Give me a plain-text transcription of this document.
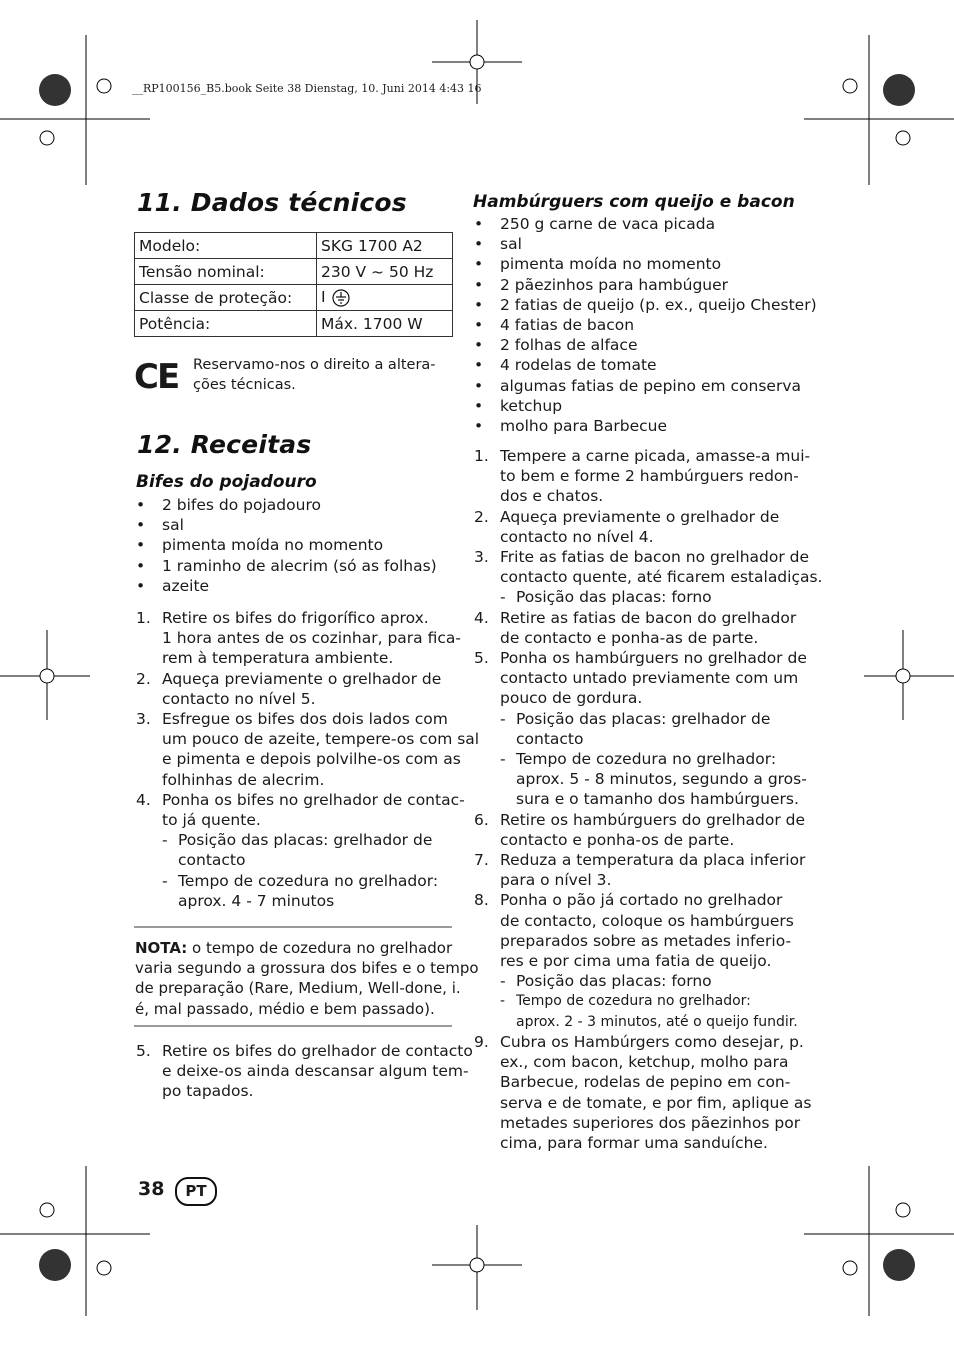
__RP100156_B5.book Seite 38 Dienstag, 10. Juni 2014 4:43 16
11. Dados técnicos
Modelo:	SKG 1700 A2
Tensão nominal:	230 V ~ 50 Hz
Classe de proteção:	I
Potência:	Máx. 1700 W
CE	Reservamo-nos o direito a altera-
ções técnicas.
12. Receitas
Bifes do pojadouro
• 2 bifes do pojadouro
• sal
• pimenta moída no momento
• 1 raminho de alecrim (só as folhas)
• azeite
1. Retire os bifes do frigorífico aprox.
1 hora antes de os cozinhar, para fica-
rem à temperatura ambiente.
2. Aqueça previamente o grelhador de
contacto no nível 5.
3. Esfregue os bifes dos dois lados com
um pouco de azeite, tempere-os com sal
e pimenta e depois polvilhe-os com as
folhinhas de alecrim.
4. Ponha os bifes no grelhador de contac-
to já quente.
- Posição das placas: grelhador de
contacto
- Tempo de cozedura no grelhador:
aprox. 4 - 7 minutos
NOTA: o tempo de cozedura no grelhador
varia segundo a grossura dos bifes e o tempo
de preparação (Rare, Medium, Well-done, i.
é, mal passado, médio e bem passado).
5. Retire os bifes do grelhador de contacto
e deixe-os ainda descansar algum tem-
po tapados.
Hambúrguers com queijo e bacon
• 250 g carne de vaca picada
• sal
• pimenta moída no momento
• 2 pãezinhos para hambúguer
• 2 fatias de queijo (p. ex., queijo Chester)
• 4 fatias de bacon
• 2 folhas de alface
• 4 rodelas de tomate
• algumas fatias de pepino em conserva
• ketchup
• molho para Barbecue
1. Tempere a carne picada, amasse-a mui-
to bem e forme 2 hambúrguers redon-
dos e chatos.
2. Aqueça previamente o grelhador de
contacto no nível 4.
3. Frite as fatias de bacon no grelhador de
contacto quente, até ficarem estaladiças.
- Posição das placas: forno
4. Retire as fatias de bacon do grelhador
de contacto e ponha-as de parte.
5. Ponha os hambúrguers no grelhador de
contacto untado previamente com um
pouco de gordura.
- Posição das placas: grelhador de
contacto
- Tempo de cozedura no grelhador:
aprox. 5 - 8 minutos, segundo a gros-
sura e o tamanho dos hambúrguers.
6. Retire os hambúrguers do grelhador de
contacto e ponha-os de parte.
7. Reduza a temperatura da placa inferior
para o nível 3.
8. Ponha o pão já cortado no grelhador
de contacto, coloque os hambúrguers
preparados sobre as metades inferio-
res e por cima uma fatia de queijo.
- Posição das placas: forno
- Tempo de cozedura no grelhador:
aprox. 2 - 3 minutos, até o queijo fundir.
9. Cubra os Hambúrgers como desejar, p.
ex., com bacon, ketchup, molho para
Barbecue, rodelas de pepino em con-
serva e de tomate, e por fim, aplique as
metades superiores dos pãezinhos por
cima, para formar uma sanduíche.
38	PT
